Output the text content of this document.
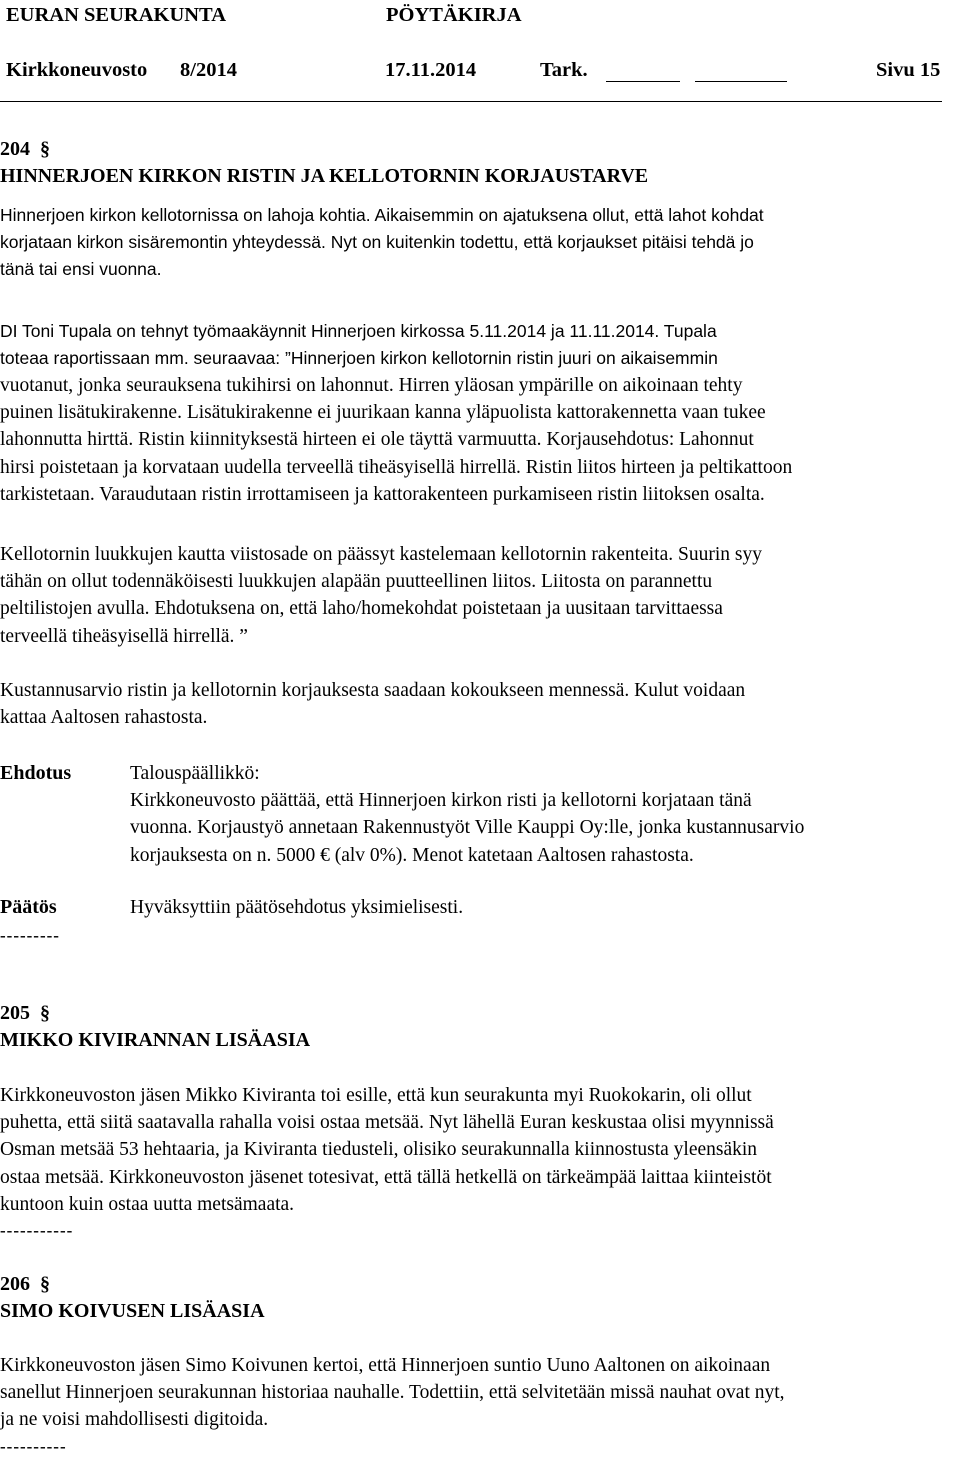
EURAN SEURAKUNTA	PÖYTÄKIRJA
Kirkkoneuvosto 8/2014	17.11.2014	Tark.	Sivu 15
204 §
HINNERJOEN KIRKON RISTIN JA KELLOTORNIN KORJAUSTARVE
Hinnerjoen kirkon kellotornissa on lahoja kohtia. Aikaisemmin on ajatuksena ollut, että lahot kohdat
korjataan kirkon sisäremontin yhteydessä. Nyt on kuitenkin todettu, että korjaukset pitäisi tehdä jo
tänä tai ensi vuonna.
DI Toni Tupala on tehnyt työmaakäynnit Hinnerjoen kirkossa 5.11.2014 ja 11.11.2014. Tupala
toteaa raportissaan mm. seuraavaa: ”Hinnerjoen kirkon kellotornin ristin juuri on aikaisemmin
vuotanut, jonka seurauksena tukihirsi on lahonnut. Hirren yläosan ympärille on aikoinaan tehty
puinen lisätukirakenne. Lisätukirakenne ei juurikaan kanna yläpuolista kattorakennetta vaan tukee
lahonnutta hirttä. Ristin kiinnityksestä hirteen ei ole täyttä varmuutta. Korjausehdotus: Lahonnut
hirsi poistetaan ja korvataan uudella terveellä tiheäsyisellä hirrellä. Ristin liitos hirteen ja peltikattoon
tarkistetaan. Varaudutaan ristin irrottamiseen ja kattorakenteen purkamiseen ristin liitoksen osalta.
Kellotornin luukkujen kautta viistosade on päässyt kastelemaan kellotornin rakenteita. Suurin syy
tähän on ollut todennäköisesti luukkujen alapään puutteellinen liitos. Liitosta on parannettu
peltilistojen avulla. Ehdotuksena on, että laho/homekohdat poistetaan ja uusitaan tarvittaessa
terveellä tiheäsyisellä hirrellä. ”
Kustannusarvio ristin ja kellotornin korjauksesta saadaan kokoukseen mennessä. Kulut voidaan
kattaa Aaltosen rahastosta.
Ehdotus	Talouspäällikkö:
Kirkkoneuvosto päättää, että Hinnerjoen kirkon risti ja kellotorni korjataan tänä
vuonna. Korjaustyö annetaan Rakennustyöt Ville Kauppi Oy:lle, jonka kustannusarvio
korjauksesta on n. 5000 € (alv 0%). Menot katetaan Aaltosen rahastosta.
Päätös	Hyväksyttiin päätösehdotus yksimielisesti.
---------
205 §
MIKKO KIVIRANNAN LISÄASIA
Kirkkoneuvoston jäsen Mikko Kiviranta toi esille, että kun seurakunta myi Ruokokarin, oli ollut
puhetta, että siitä saatavalla rahalla voisi ostaa metsää. Nyt lähellä Euran keskustaa olisi myynnissä
Osman metsää 53 hehtaaria, ja Kiviranta tiedusteli, olisiko seurakunnalla kiinnostusta yleensäkin
ostaa metsää. Kirkkoneuvoston jäsenet totesivat, että tällä hetkellä on tärkeämpää laittaa kiinteistöt
kuntoon kuin ostaa uutta metsämaata.
-----------
206 §
SIMO KOIVUSEN LISÄASIA
Kirkkoneuvoston jäsen Simo Koivunen kertoi, että Hinnerjoen suntio Uuno Aaltonen on aikoinaan
sanellut Hinnerjoen seurakunnan historiaa nauhalle. Todettiin, että selvitetään missä nauhat ovat nyt,
ja ne voisi mahdollisesti digitoida.
----------
